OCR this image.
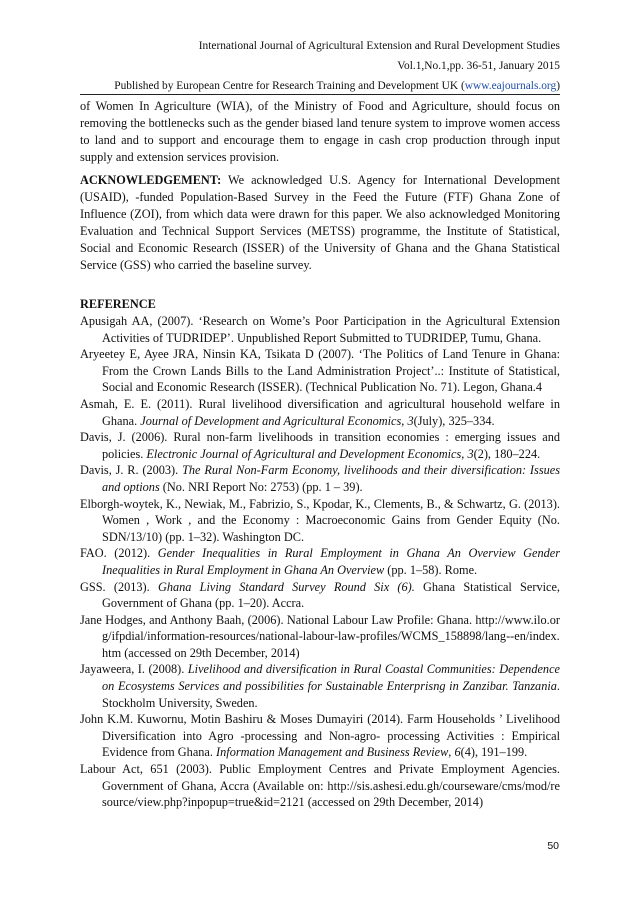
International Journal of Agricultural Extension and Rural Development Studies
Vol.1,No.1,pp. 36-51, January 2015
Published by European Centre for Research Training and Development UK (www.eajournals.org)
of Women In Agriculture (WIA), of the Ministry of Food and Agriculture, should focus on removing the bottlenecks such as the gender biased land tenure system to improve women access to land and to support and encourage them to engage in cash crop production through input supply and extension services provision.
ACKNOWLEDGEMENT: We acknowledged U.S. Agency for International Development (USAID), -funded Population-Based Survey in the Feed the Future (FTF) Ghana Zone of Influence (ZOI), from which data were drawn for this paper. We also acknowledged Monitoring Evaluation and Technical Support Services (METSS) programme, the Institute of Statistical, Social and Economic Research (ISSER) of the University of Ghana and the Ghana Statistical Service (GSS) who carried the baseline survey.
REFERENCE

Apusigah AA, (2007). ‘Research on Wome’s Poor Participation in the Agricultural Extension Activities of TUDRIDEP’. Unpublished Report Submitted to TUDRIDEP, Tumu, Ghana.

Aryeetey E, Ayee JRA, Ninsin KA, Tsikata D (2007). ‘The Politics of Land Tenure in Ghana: From the Crown Lands Bills to the Land Administration Project’..: Institute of Statistical, Social and Economic Research (ISSER). (Technical Publication No. 71). Legon, Ghana.4

Asmah, E. E. (2011). Rural livelihood diversification and agricultural household welfare in Ghana. Journal of Development and Agricultural Economics, 3(July), 325–334.

Davis, J. (2006). Rural non-farm livelihoods in transition economies : emerging issues and policies. Electronic Journal of Agricultural and Development Economics, 3(2), 180–224.

Davis, J. R. (2003). The Rural Non-Farm Economy, livelihoods and their diversification: Issues and options (No. NRI Report No: 2753) (pp. 1 – 39).

Elborgh-woytek, K., Newiak, M., Fabrizio, S., Kpodar, K., Clements, B., & Schwartz, G. (2013). Women , Work , and the Economy : Macroeconomic Gains from Gender Equity (No. SDN/13/10) (pp. 1–32). Washington DC.

FAO. (2012). Gender Inequalities in Rural Employment in Ghana An Overview Gender Inequalities in Rural Employment in Ghana An Overview (pp. 1–58). Rome.

GSS. (2013). Ghana Living Standard Survey Round Six (6). Ghana Statistical Service, Government of Ghana (pp. 1–20). Accra.

Jane Hodges, and Anthony Baah, (2006). National Labour Law Profile: Ghana. http://www.ilo.org/ifpdial/information-resources/national-labour-law-profiles/WCMS_158898/lang--en/index.htm (accessed on 29th December, 2014)

Jayaweera, I. (2008). Livelihood and diversification in Rural Coastal Communities: Dependence on Ecosystems Services and possibilities for Sustainable Enterprisng in Zanzibar. Tanzania. Stockholm University, Sweden.

John K.M. Kuwornu, Motin Bashiru & Moses Dumayiri (2014). Farm Households ’ Livelihood Diversification into Agro -processing and Non-agro- processing Activities : Empirical Evidence from Ghana. Information Management and Business Review, 6(4), 191–199.

Labour Act, 651 (2003). Public Employment Centres and Private Employment Agencies. Government of Ghana, Accra (Available on: http://sis.ashesi.edu.gh/courseware/cms/mod/resource/view.php?inpopup=true&id=2121 (accessed on 29th December, 2014)

50
